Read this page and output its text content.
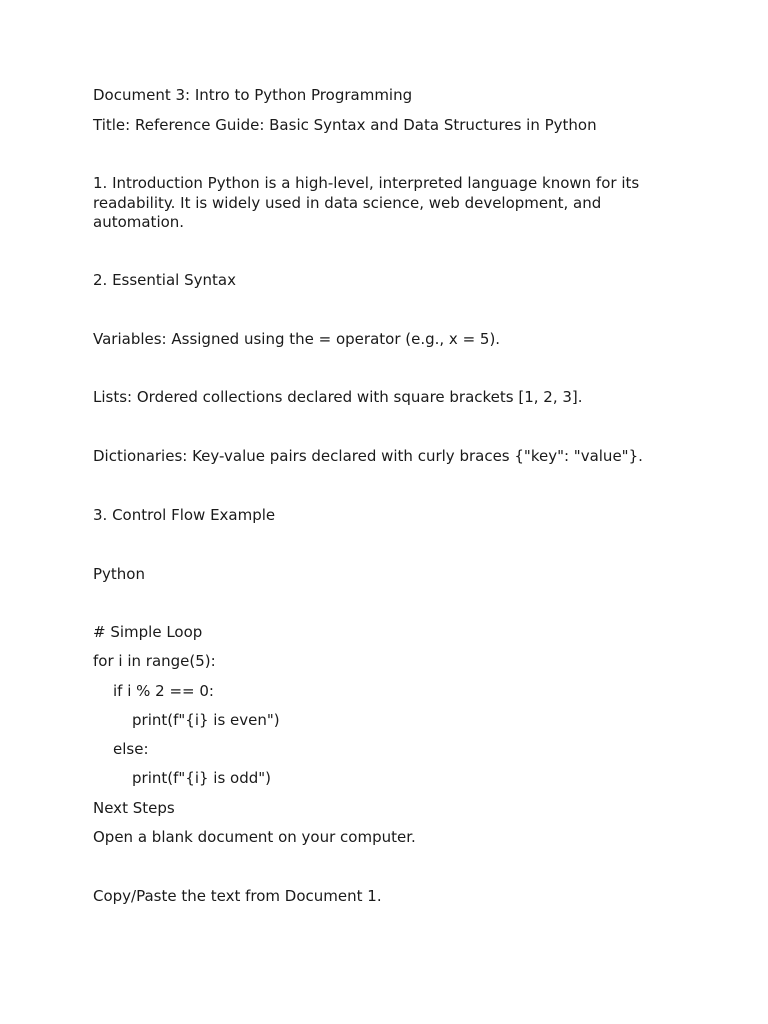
Document 3: Intro to Python Programming

Title: Reference Guide: Basic Syntax and Data Structures in Python

1. Introduction Python is a high-level, interpreted language known for its readability. It is widely used in data science, web development, and automation.

2. Essential Syntax

Variables: Assigned using the = operator (e.g., x = 5).

Lists: Ordered collections declared with square brackets [1, 2, 3].

Dictionaries: Key-value pairs declared with curly braces {"key": "value"}.

3. Control Flow Example

Python

# Simple Loop

for i in range(5):

if i % 2 == 0:

print(f"{i} is even")

else:

print(f"{i} is odd")

Next Steps

Open a blank document on your computer.

Copy/Paste the text from Document 1.
